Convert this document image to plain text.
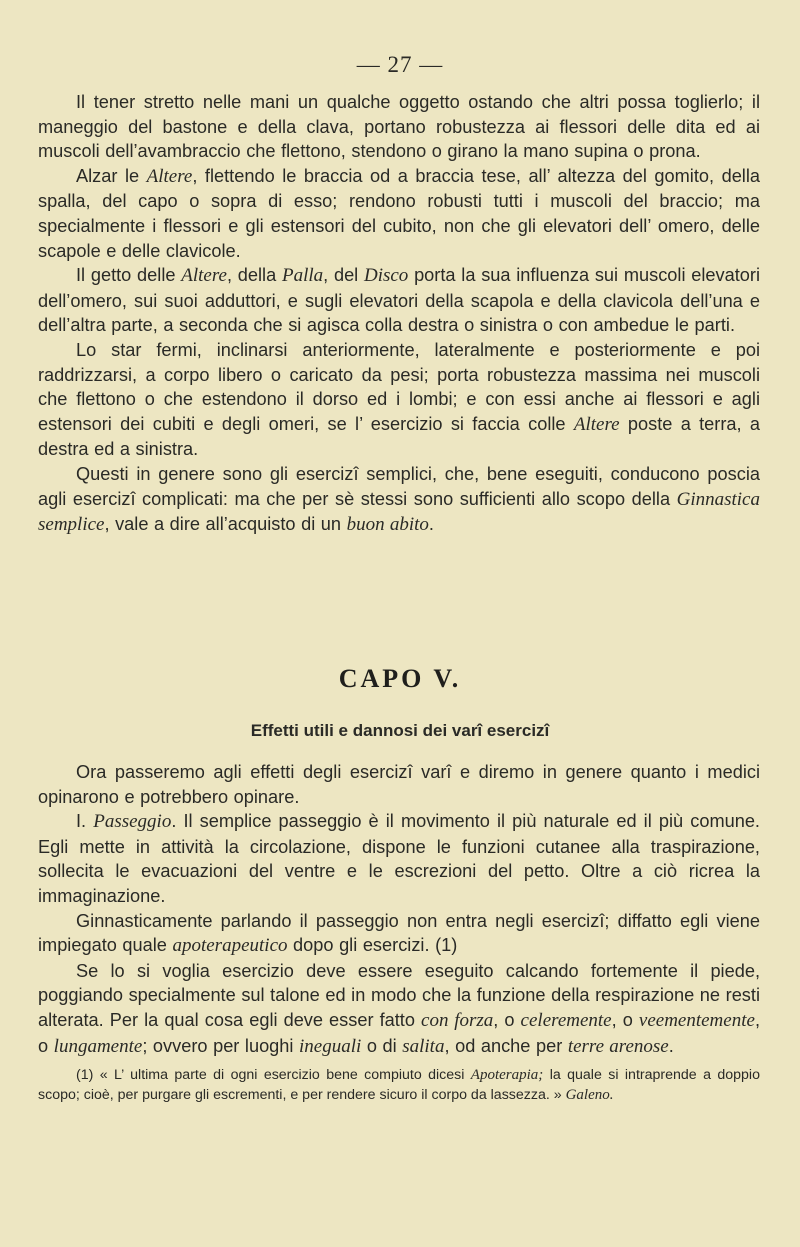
— 27 —

Il tener stretto nelle mani un qualche oggetto ostando che altri possa toglierlo; il maneggio del bastone e della clava, portano robustezza ai flessori delle dita ed ai muscoli dell’avambraccio che flettono, stendono o girano la mano supina o prona.

Alzar le Altere, flettendo le braccia od a braccia tese, all’ altezza del gomito, della spalla, del capo o sopra di esso; rendono robusti tutti i muscoli del braccio; ma specialmente i flessori e gli estensori del cubito, non che gli elevatori dell’ omero, delle scapole e delle clavicole.

Il getto delle Altere, della Palla, del Disco porta la sua influenza sui muscoli elevatori dell’omero, sui suoi adduttori, e sugli elevatori della scapola e della clavicola dell’una e dell’altra parte, a seconda che si agisca colla destra o sinistra o con ambedue le parti.

Lo star fermi, inclinarsi anteriormente, lateralmente e posteriormente e poi raddrizzarsi, a corpo libero o caricato da pesi; porta robustezza massima nei muscoli che flettono o che estendono il dorso ed i lombi; e con essi anche ai flessori e agli estensori dei cubiti e degli omeri, se l’ esercizio si faccia colle Altere poste a terra, a destra ed a sinistra.

Questi in genere sono gli esercizî semplici, che, bene eseguiti, conducono poscia agli esercizî complicati: ma che per sè stessi sono sufficienti allo scopo della Ginnastica semplice, vale a dire all’acquisto di un buon abito.

CAPO V.
Effetti utili e dannosi dei varî esercizî

Ora passeremo agli effetti degli esercizî varî e diremo in genere quanto i medici opinarono e potrebbero opinare.

I. Passeggio. Il semplice passeggio è il movimento il più naturale ed il più comune. Egli mette in attività la circolazione, dispone le funzioni cutanee alla traspirazione, sollecita le evacuazioni del ventre e le escrezioni del petto. Oltre a ciò ricrea la immaginazione.

Ginnasticamente parlando il passeggio non entra negli esercizî; diffatto egli viene impiegato quale apoterapeutico dopo gli esercizi. (1)

Se lo si voglia esercizio deve essere eseguito calcando fortemente il piede, poggiando specialmente sul talone ed in modo che la funzione della respirazione ne resti alterata. Per la qual cosa egli deve esser fatto con forza, o celeremente, o veementemente, o lungamente; ovvero per luoghi ineguali o di salita, od anche per terre arenose.

(1) « L’ ultima parte di ogni esercizio bene compiuto dicesi Apoterapia; la quale si intraprende a doppio scopo; cioè, per purgare gli escrementi, e per rendere sicuro il corpo da lassezza. » Galeno.
